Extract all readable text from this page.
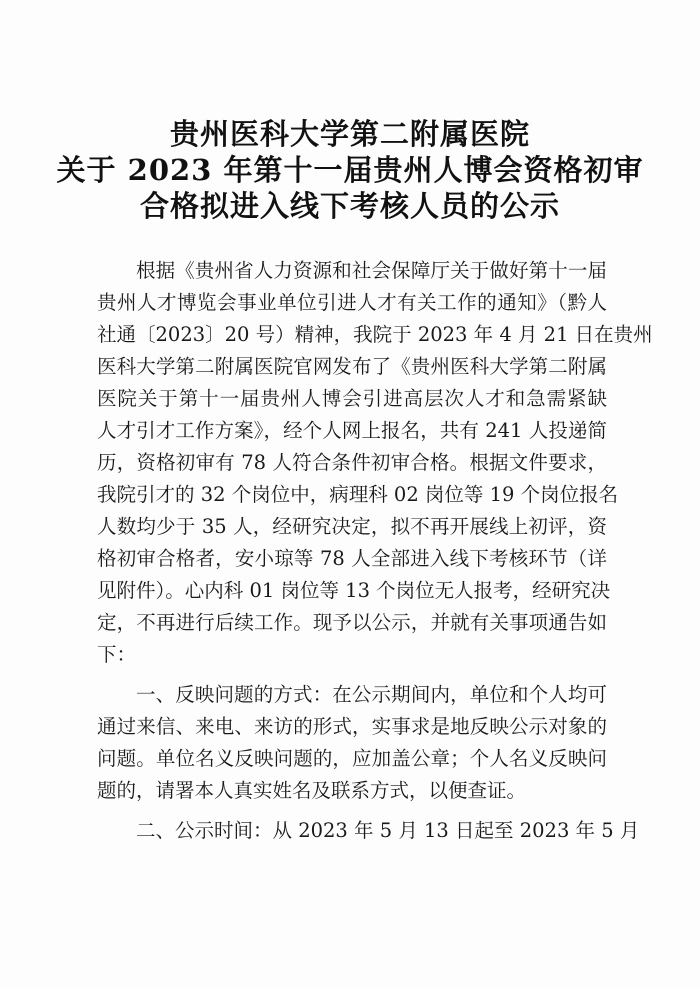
贵州医科大学第二附属医院
关于 2023 年第十一届贵州人博会资格初审
合格拟进入线下考核人员的公示
根据《贵州省人力资源和社会保障厅关于做好第十一届
贵州人才博览会事业单位引进人才有关工作的通知》（黔人
社通〔2023〕20 号）精神，我院于 2023 年 4 月 21 日在贵州
医科大学第二附属医院官网发布了《贵州医科大学第二附属
医院关于第十一届贵州人博会引进高层次人才和急需紧缺
人才引才工作方案》，经个人网上报名，共有 241 人投递简
历，资格初审有 78 人符合条件初审合格。根据文件要求，
我院引才的 32 个岗位中，病理科 02 岗位等 19 个岗位报名
人数均少于 35 人，经研究决定，拟不再开展线上初评，资
格初审合格者，安小琼等 78 人全部进入线下考核环节（详
见附件）。心内科 01 岗位等 13 个岗位无人报考，经研究决
定，不再进行后续工作。现予以公示，并就有关事项通告如
下：
一、反映问题的方式：在公示期间内，单位和个人均可
通过来信、来电、来访的形式，实事求是地反映公示对象的
问题。单位名义反映问题的，应加盖公章；个人名义反映问
题的，请署本人真实姓名及联系方式，以便查证。
二、公示时间：从 2023 年 5 月 13 日起至 2023 年 5 月
